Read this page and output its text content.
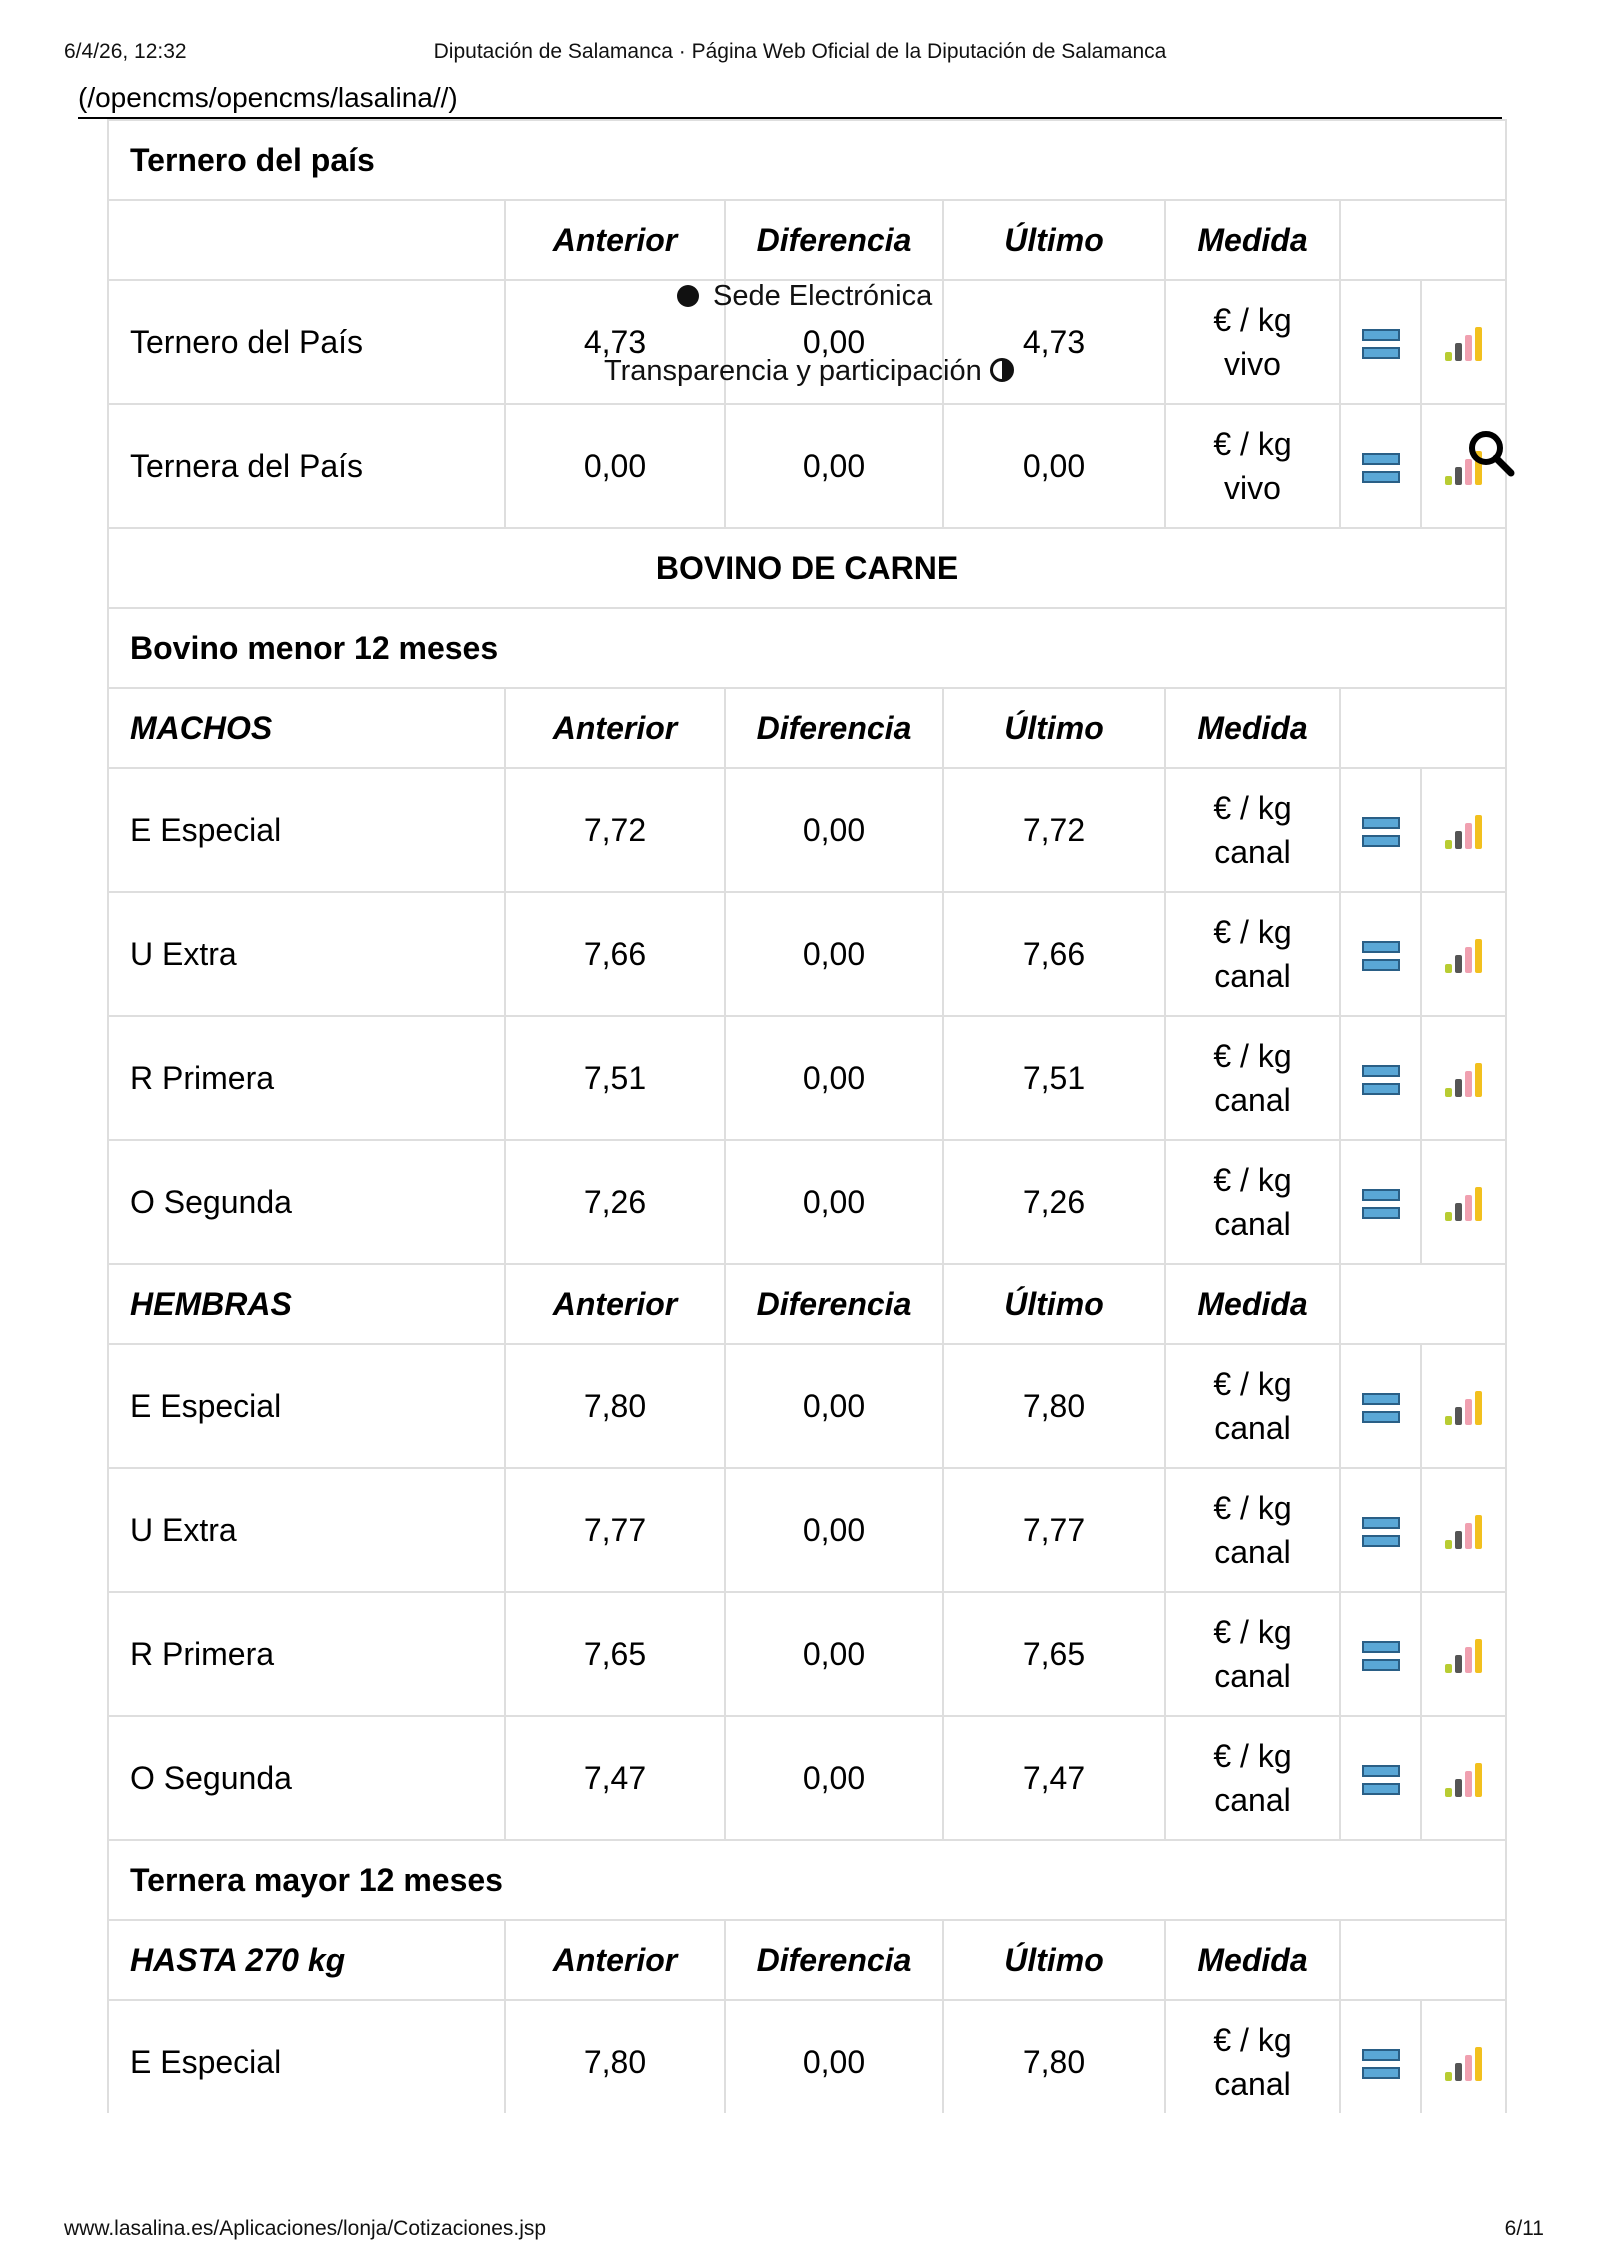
6/4/26, 12:32	Diputación de Salamanca · Página Web Oficial de la Diputación de Salamanca
(/opencms/opencms/lasalina//)
Ternero del país						
	Anterior	Diferencia	Último	Medida		
Ternero del País	4,73	0,00	4,73	€ / kg
vivo		

Ternera del País	0,00	0,00	0,00	€ / kg
vivo		

BOVINO DE CARNE						
Bovino menor 12 meses						
MACHOS	Anterior	Diferencia	Último	Medida		
E Especial	7,72	0,00	7,72	€ / kg
canal		

U Extra	7,66	0,00	7,66	€ / kg
canal		

R Primera	7,51	0,00	7,51	€ / kg
canal		

O Segunda	7,26	0,00	7,26	€ / kg
canal		

HEMBRAS	Anterior	Diferencia	Último	Medida		
E Especial	7,80	0,00	7,80	€ / kg
canal		

U Extra	7,77	0,00	7,77	€ / kg
canal		

R Primera	7,65	0,00	7,65	€ / kg
canal		

O Segunda	7,47	0,00	7,47	€ / kg
canal		

Ternera mayor 12 meses						
HASTA 270 kg	Anterior	Diferencia	Último	Medida		
E Especial	7,80	0,00	7,80	€ / kg
canal		

Sede Electrónica
Transparencia y participación
www.lasalina.es/Aplicaciones/lonja/Cotizaciones.jsp	6/11
